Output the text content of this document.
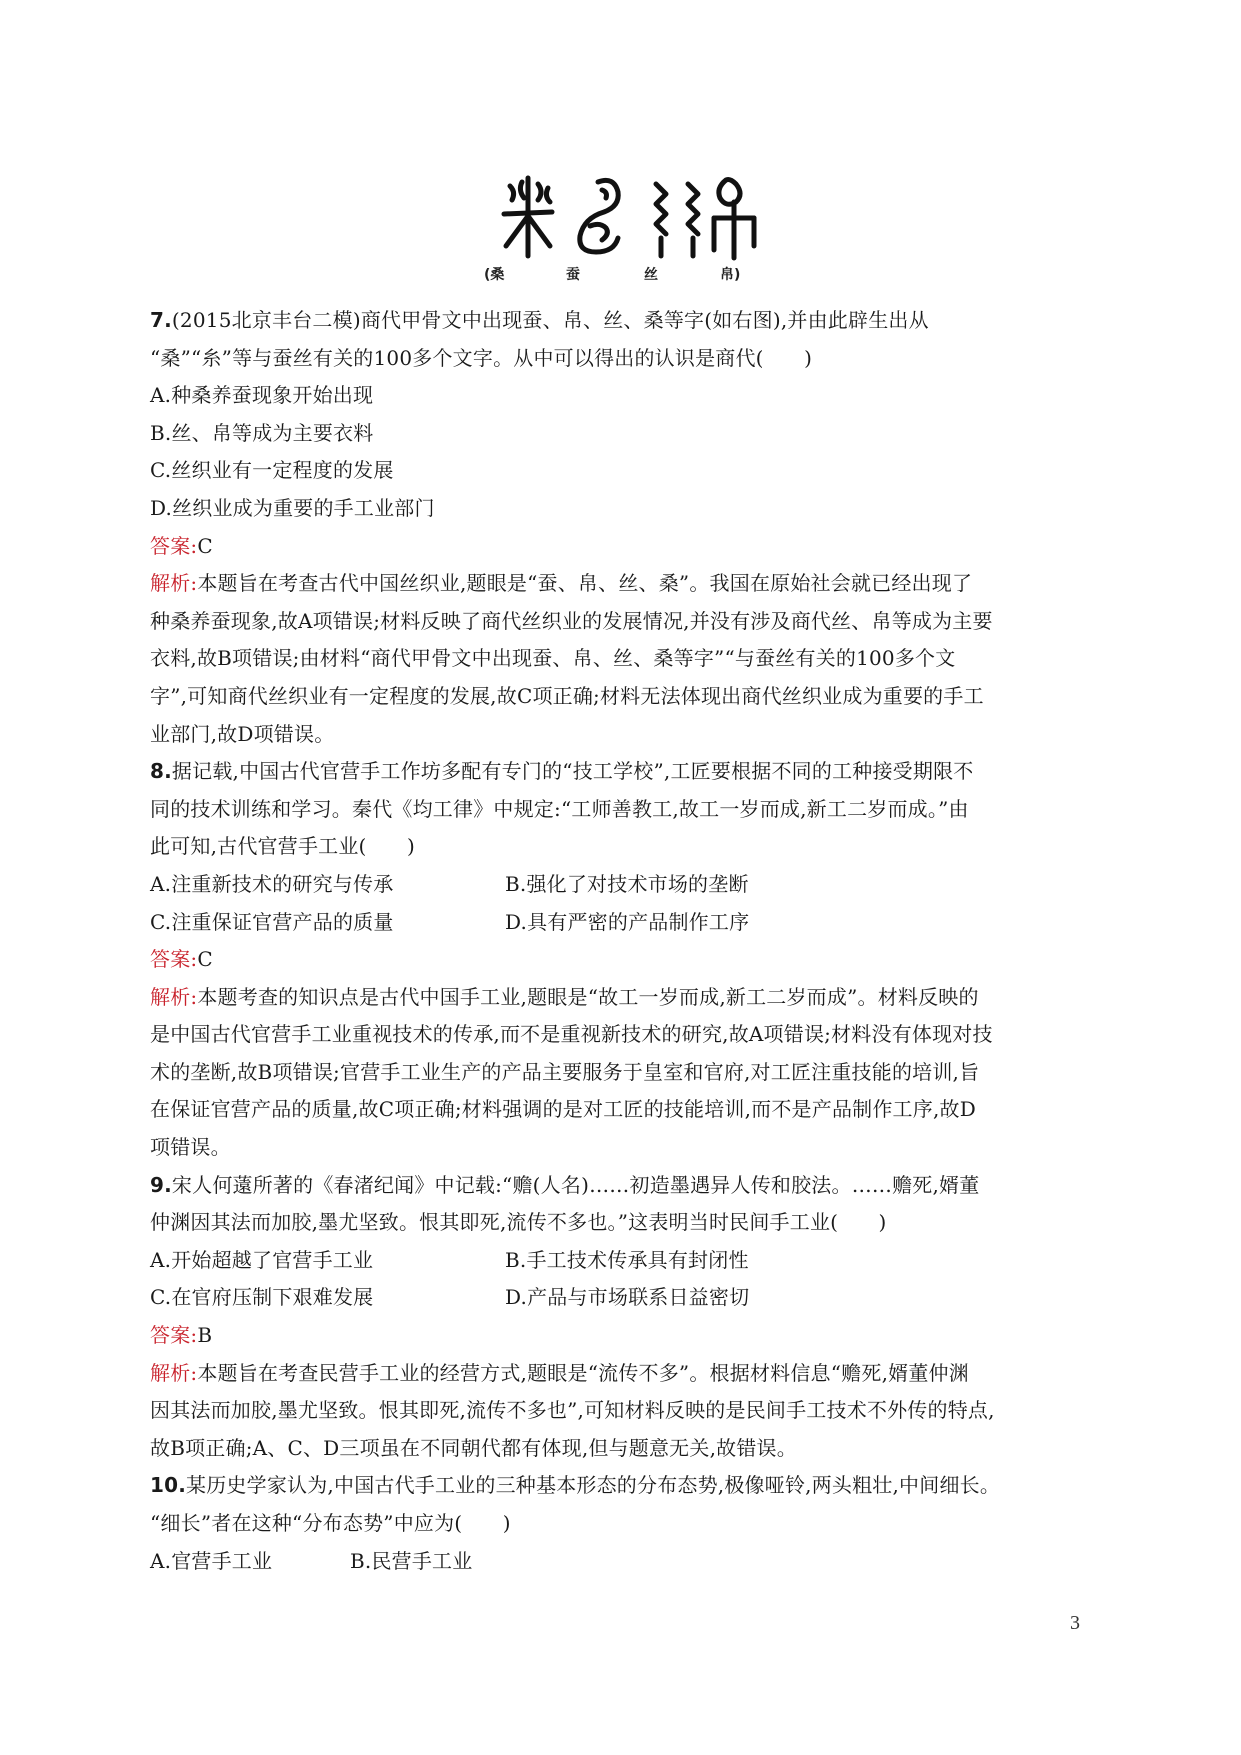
(桑	蚕	丝	帛)
7.(2015北京丰台二模)商代甲骨文中出现蚕、帛、丝、桑等字(如右图),并由此辟生出从
“桑”“糸”等与蚕丝有关的100多个文字。从中可以得出的认识是商代(　　)
A.种桑养蚕现象开始出现
B.丝、帛等成为主要衣料
C.丝织业有一定程度的发展
D.丝织业成为重要的手工业部门
答案:C
解析:本题旨在考查古代中国丝织业,题眼是“蚕、帛、丝、桑”。我国在原始社会就已经出现了
种桑养蚕现象,故A项错误;材料反映了商代丝织业的发展情况,并没有涉及商代丝、帛等成为主要
衣料,故B项错误;由材料“商代甲骨文中出现蚕、帛、丝、桑等字”“与蚕丝有关的100多个文
字”,可知商代丝织业有一定程度的发展,故C项正确;材料无法体现出商代丝织业成为重要的手工
业部门,故D项错误。
8.据记载,中国古代官营手工作坊多配有专门的“技工学校”,工匠要根据不同的工种接受期限不
同的技术训练和学习。秦代《均工律》中规定:“工师善教工,故工一岁而成,新工二岁而成。”由
此可知,古代官营手工业(　　)
A.注重新技术的研究与传承	B.强化了对技术市场的垄断
C.注重保证官营产品的质量	D.具有严密的产品制作工序
答案:C
解析:本题考查的知识点是古代中国手工业,题眼是“故工一岁而成,新工二岁而成”。材料反映的
是中国古代官营手工业重视技术的传承,而不是重视新技术的研究,故A项错误;材料没有体现对技
术的垄断,故B项错误;官营手工业生产的产品主要服务于皇室和官府,对工匠注重技能的培训,旨
在保证官营产品的质量,故C项正确;材料强调的是对工匠的技能培训,而不是产品制作工序,故D
项错误。
9.宋人何薳所著的《春渚纪闻》中记载:“赡(人名)……初造墨遇异人传和胶法。……赡死,婿董
仲渊因其法而加胶,墨尤坚致。恨其即死,流传不多也。”这表明当时民间手工业(　　)
A.开始超越了官营手工业	B.手工技术传承具有封闭性
C.在官府压制下艰难发展	D.产品与市场联系日益密切
答案:B
解析:本题旨在考查民营手工业的经营方式,题眼是“流传不多”。根据材料信息“赡死,婿董仲渊
因其法而加胶,墨尤坚致。恨其即死,流传不多也”,可知材料反映的是民间手工技术不外传的特点,
故B项正确;A、C、D三项虽在不同朝代都有体现,但与题意无关,故错误。
10.某历史学家认为,中国古代手工业的三种基本形态的分布态势,极像哑铃,两头粗壮,中间细长。
“细长”者在这种“分布态势”中应为(　　)
A.官营手工业	B.民营手工业
3
